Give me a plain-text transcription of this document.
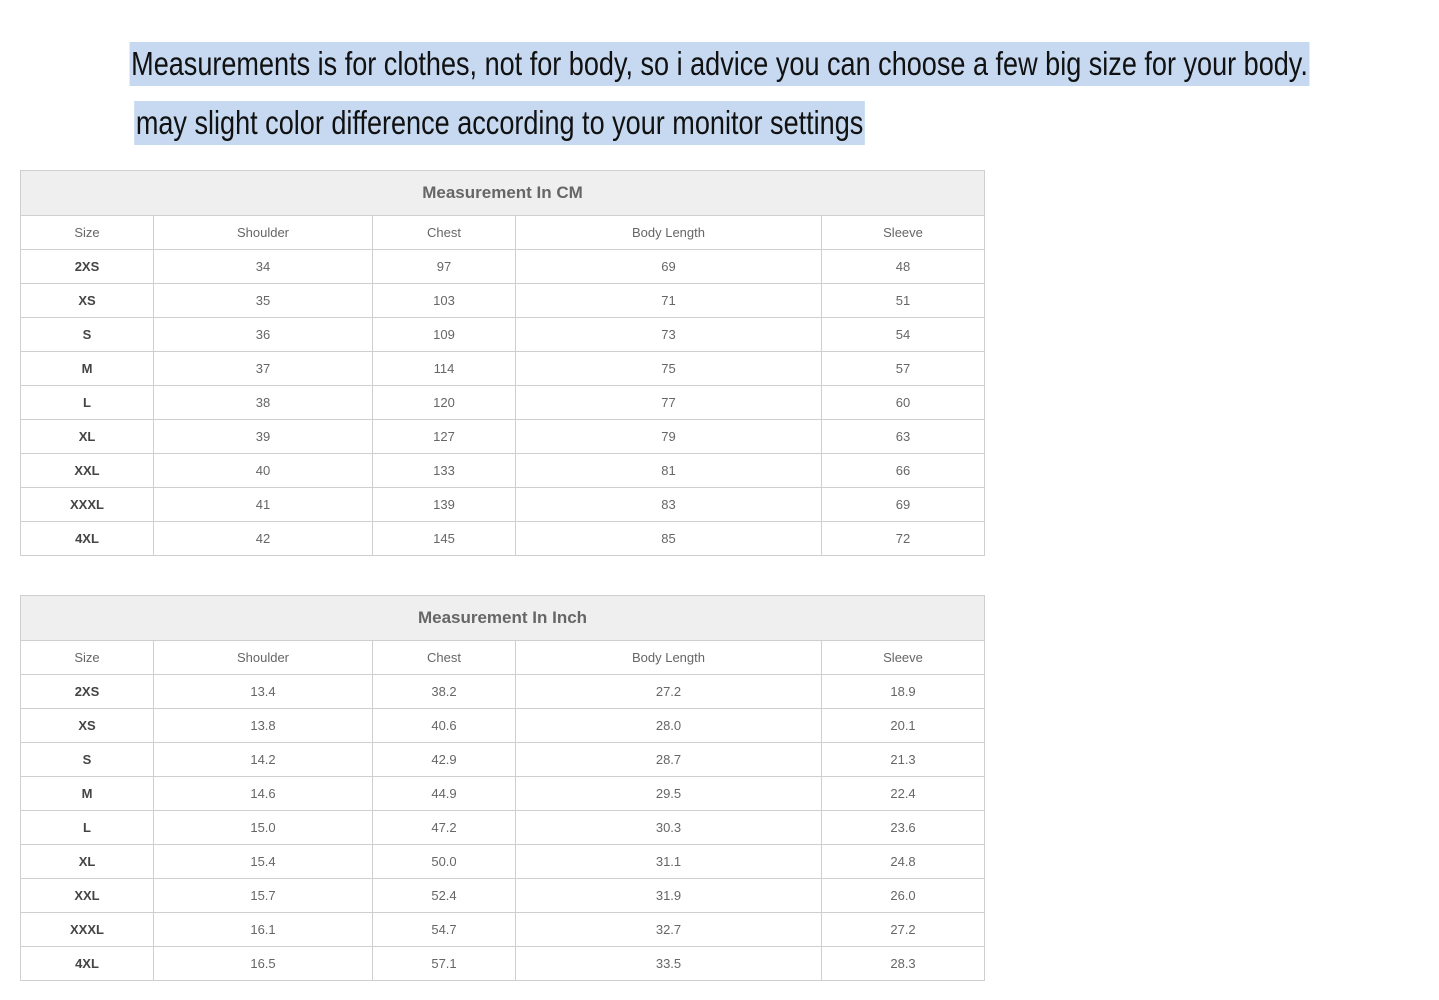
Measurements is for clothes, not for body, so i advice you can choose a few big size for your body.
may slight color difference according to your monitor settings
Measurement In CM				
Size	Shoulder	Chest	Body Length	Sleeve
2XS	34	97	69	48
XS	35	103	71	51
S	36	109	73	54
M	37	114	75	57
L	38	120	77	60
XL	39	127	79	63
XXL	40	133	81	66
XXXL	41	139	83	69
4XL	42	145	85	72
Measurement In Inch				
Size	Shoulder	Chest	Body Length	Sleeve
2XS	13.4	38.2	27.2	18.9
XS	13.8	40.6	28.0	20.1
S	14.2	42.9	28.7	21.3
M	14.6	44.9	29.5	22.4
L	15.0	47.2	30.3	23.6
XL	15.4	50.0	31.1	24.8
XXL	15.7	52.4	31.9	26.0
XXXL	16.1	54.7	32.7	27.2
4XL	16.5	57.1	33.5	28.3
